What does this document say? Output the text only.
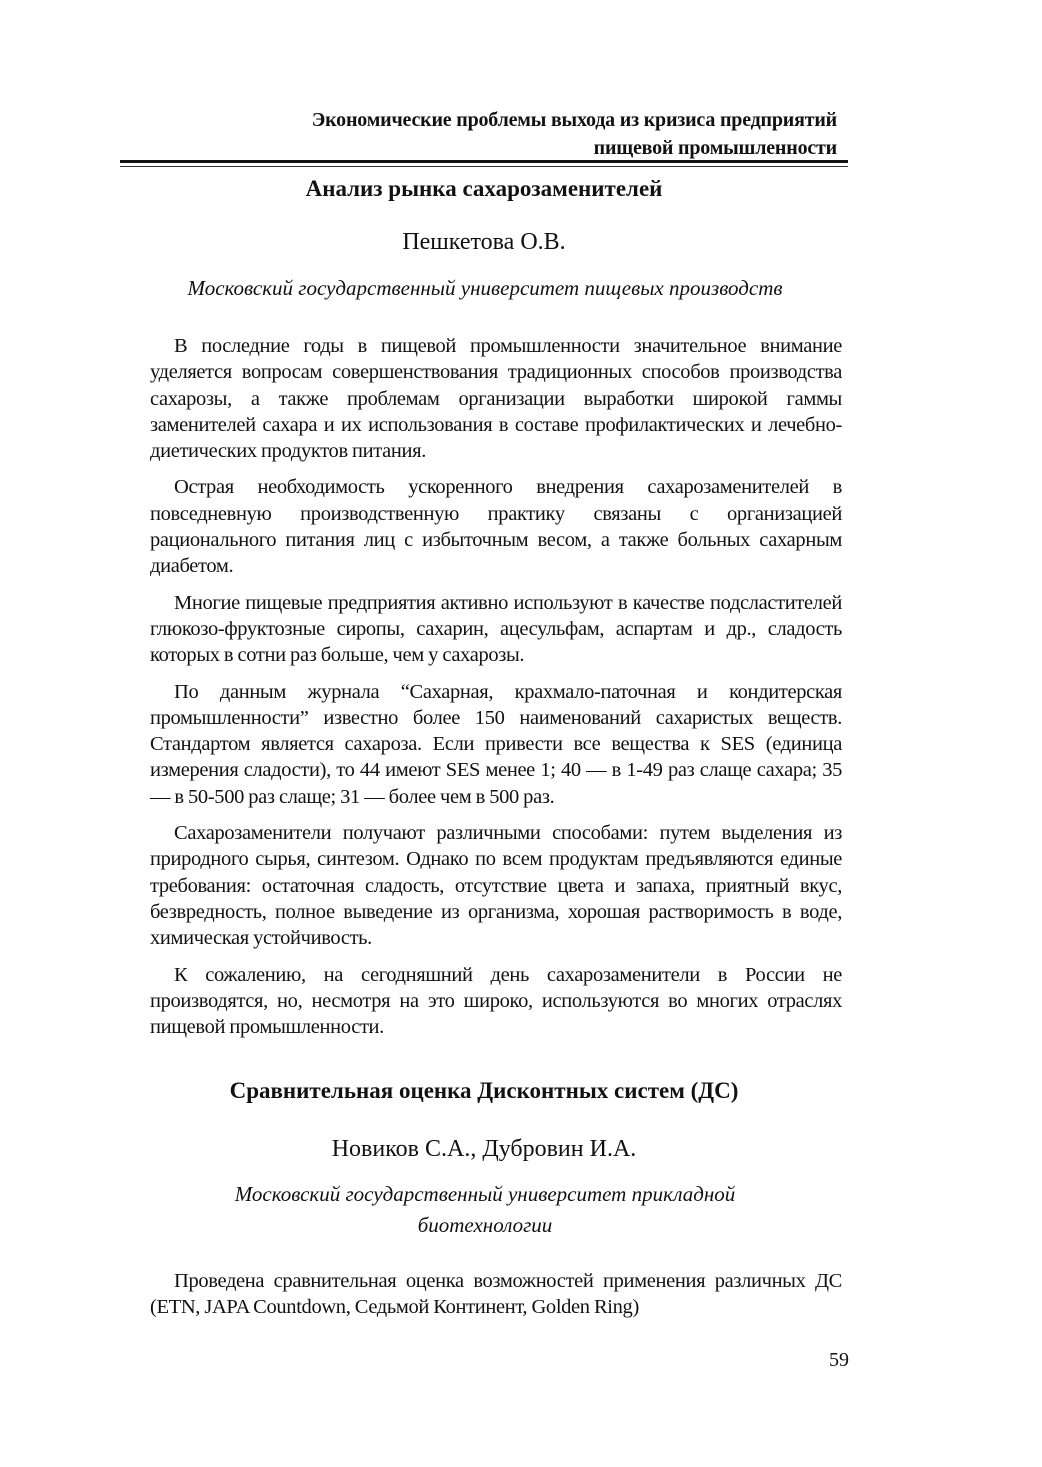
Экономические проблемы выхода из кризиса предприятий
пищевой промышленности
Анализ рынка сахарозаменителей
Пешкетова О.В.
Московский государственный университет пищевых производств

В последние годы в пищевой промышленности значительное внимание уделяется вопросам совершенствования традиционных способов производства сахарозы, а также проблемам организации выработки широкой гаммы заменителей сахара и их использования в составе профилактических и лечебно-диетических продуктов питания.

Острая необходимость ускоренного внедрения сахарозаменителей в повседневную производственную практику связаны с организацией рационального питания лиц с избыточным весом, а также больных сахарным диабетом.

Многие пищевые предприятия активно используют в качестве подсластителей глюкозо-фруктозные сиропы, сахарин, ацесульфам, аспартам и др., сладость которых в сотни раз больше, чем у сахарозы.

По данным журнала “Сахарная, крахмало-паточная и кондитерская промышленности” известно более 150 наименований сахаристых веществ. Стандартом является сахароза. Если привести все вещества к SES (единица измерения сладости), то 44 имеют SES менее 1; 40 — в 1-49 раз слаще сахара; 35 — в 50-500 раз слаще; 31 — более чем в 500 раз.

Сахарозаменители получают различными способами: путем выделения из природного сырья, синтезом. Однако по всем продуктам предъявляются единые требования: остаточная сладость, отсутствие цвета и запаха, приятный вкус, безвредность, полное выведение из организма, хорошая растворимость в воде, химическая устойчивость.

К сожалению, на сегодняшний день сахарозаменители в России не производятся, но, несмотря на это широко, используются во многих отраслях пищевой промышленности.

Сравнительная оценка Дисконтных систем (ДС)
Новиков С.А., Дубровин И.А.
Московский государственный университет прикладной
биотехнологии

Проведена сравнительная оценка возможностей применения различных ДС (ETN, JAPA Countdown, Седьмой Континент, Golden Ring)

59
